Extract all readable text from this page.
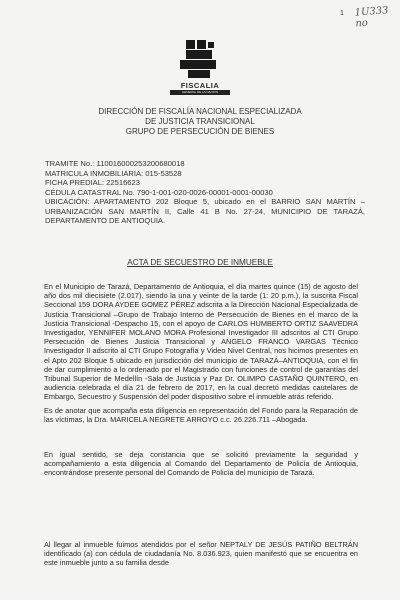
1 1U333 no
FISCALIA
GENERAL DE LA NACION
DIRECCIÓN DE FISCALÍA NACIONAL ESPECIALIZADA
DE JUSTICIA TRANSICIONAL
GRUPO DE PERSECUCIÓN DE BIENES
TRAMITE No.: 110016000253200680018
MATRICULA INMOBILIARIA: 015-53528
FICHA PREDIAL: 22516623
CÉDULA CATASTRAL No. 790-1-001-020-0026-00001-0001-00030
UBICACIÓN: APARTAMENTO 202 Bloque 5, ubicado en el BARRIO SAN MARTÍN –URBANIZACIÓN SAN MARTÍN II, Calle 41 B No. 27-24, MUNICIPIO DE TARAZÁ, DEPARTAMENTO DE ANTIOQUIA.
ACTA DE SECUESTRO DE INMUEBLE

En el Municipio de Tarazá, Departamento de Antioquia, el día martes quince (15) de agosto del año dos mil diecisiete (2.017), siendo la una y veinte de la tarde (1: 20 p.m.), la suscrita Fiscal Seccional 159 DORA AYDEE GOMEZ PÉREZ adscrita a la Dirección Nacional Especializada de Justicia Transicional –Grupo de Trabajo Interno de Persecución de Bienes en el marco de la Justicia Transicional -Despacho 15, con el apoyo de CARLOS HUMBERTO ORTIZ SAAVEDRA Investigador, YENNIFER MOLANO MORA Profesional Investigador III adscritos al CTI Grupo Persecución de Bienes Justicia Transicional y ANGELO FRANCO VARGAS Técnico Investigador II adscrito al CTI Grupo Fotografía y Video Nivel Central, nos hicimos presentes en el Apto 202 Bloque 5 ubicado en jurisdicción del municipio de TARAZÁ–ANTIOQUIA, con el fin de dar cumplimiento a lo ordenado por el Magistrado con funciones de control de garantías del Tribunal Superior de Medellín -Sala de Justicia y Paz Dr. OLIMPO CASTAÑO QUINTERO, en audiencia celebrada el día 21 de febrero de 2017, en la cual decretó medidas cautelares de Embargo, Secuestro y Suspensión del poder dispositivo sobre el inmueble atrás referido.

Es de anotar que acompaña esta diligencia en representación del Fondo para la Reparación de las víctimas, la Dra. MARICELA NEGRETE ARROYO c.c. 26.226.711 –Abogada.

En igual sentido, se deja constancia que se solicitó previamente la seguridad y acompañamiento a esta diligencia al Comando del Departamento de Policía de Antioquia, encontrándose presente personal del Comando de Policía del municipio de Tarazá.

Al llegar al inmueble fuimos atendidos por el señor NEPTALY DE JESÚS PATIÑO BELTRÁN identificado (a) con cédula de ciudadanía No. 8.036.923, quien manifestó que se encuentra en este inmueble junto a su familia desde
